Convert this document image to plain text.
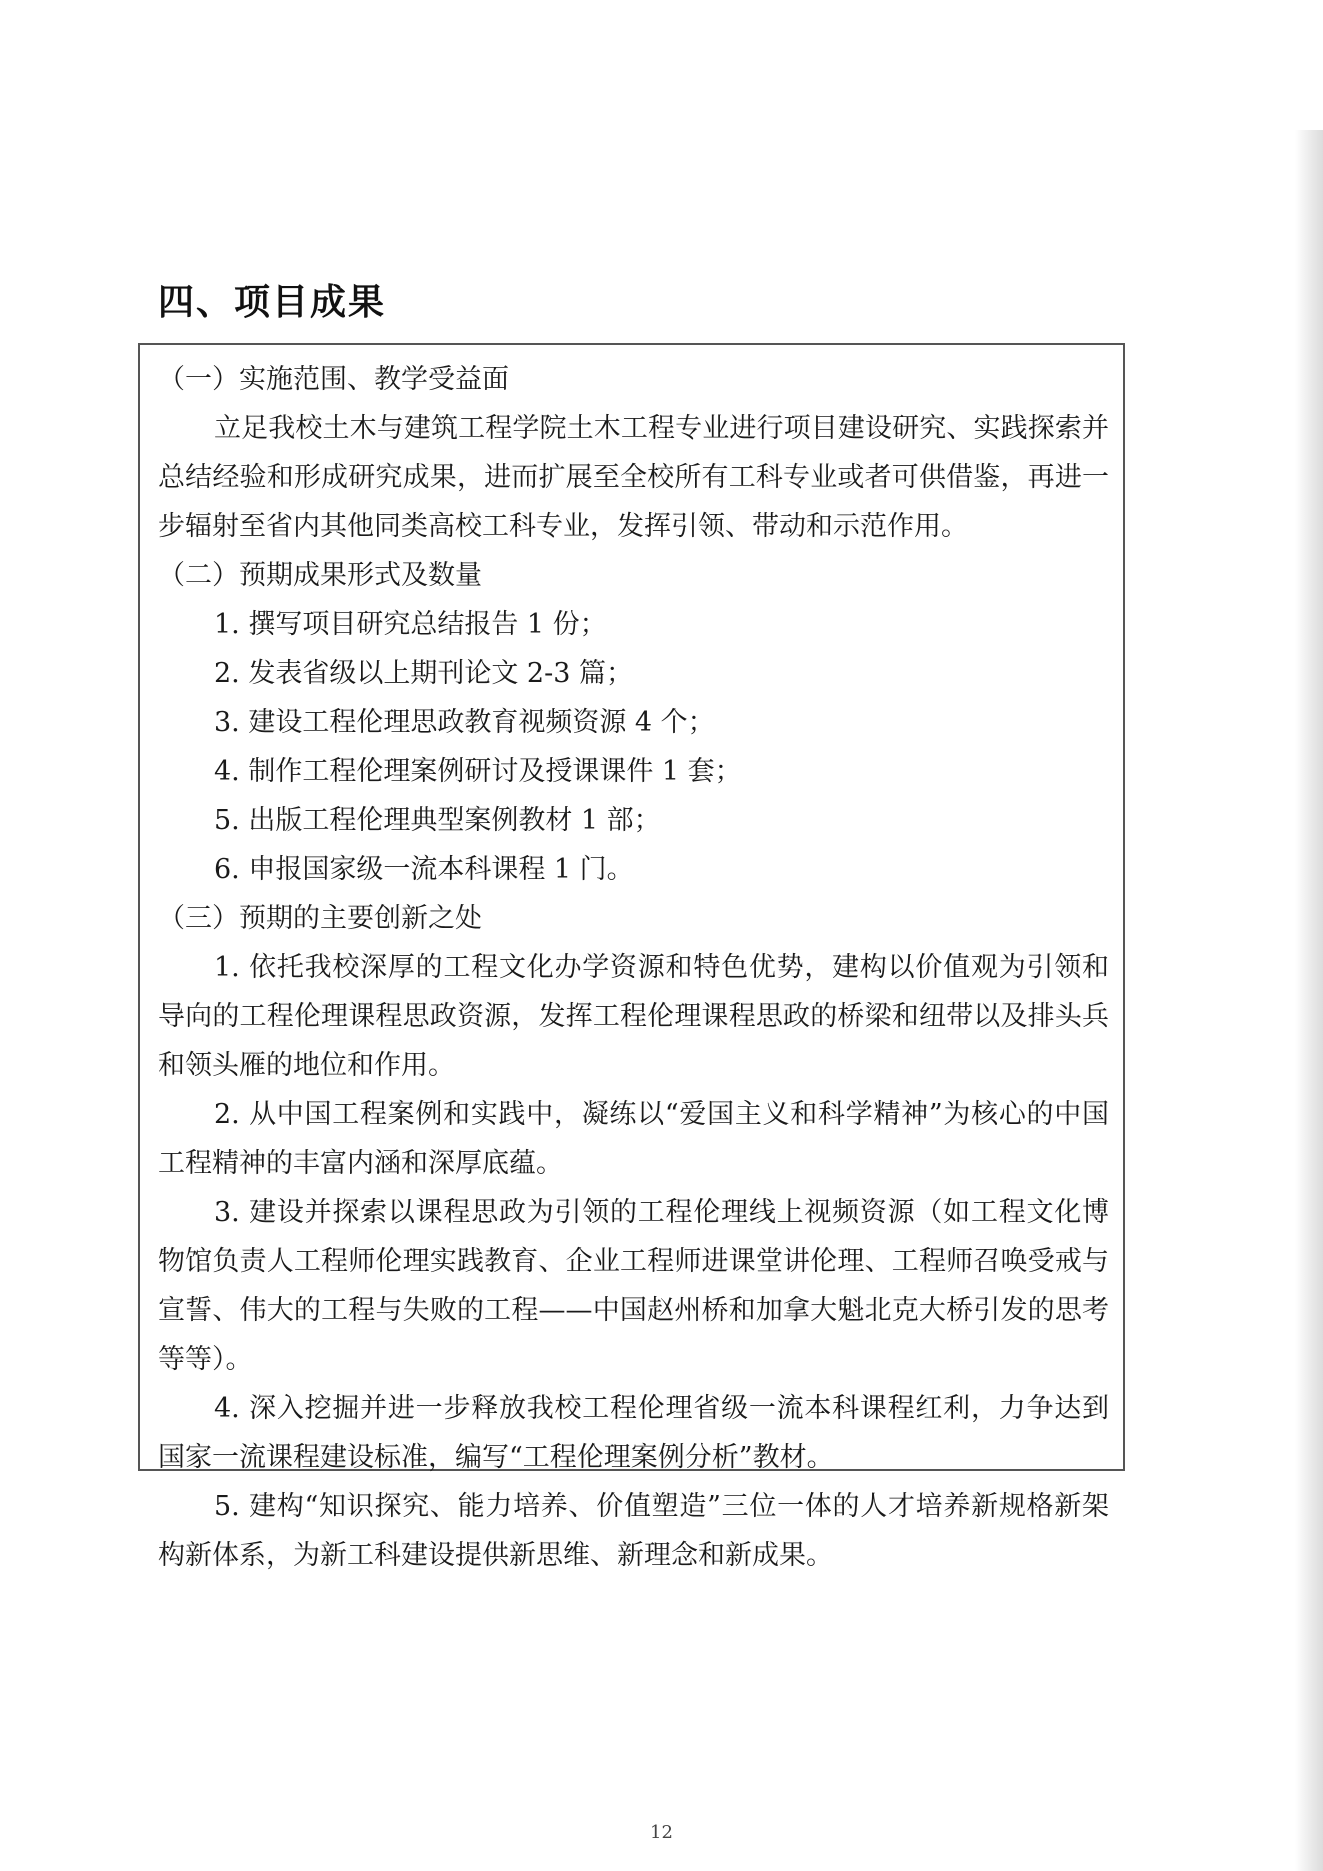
四、项目成果

（一）实施范围、教学受益面

立足我校土木与建筑工程学院土木工程专业进行项目建设研究、实践探索并总结经验和形成研究成果，进而扩展至全校所有工科专业或者可供借鉴，再进一步辐射至省内其他同类高校工科专业，发挥引领、带动和示范作用。

（二）预期成果形式及数量

1. 撰写项目研究总结报告 1 份；

2. 发表省级以上期刊论文 2-3 篇；

3. 建设工程伦理思政教育视频资源 4 个；

4. 制作工程伦理案例研讨及授课课件 1 套；

5. 出版工程伦理典型案例教材 1 部；

6. 申报国家级一流本科课程 1 门。

（三）预期的主要创新之处

1. 依托我校深厚的工程文化办学资源和特色优势，建构以价值观为引领和导向的工程伦理课程思政资源，发挥工程伦理课程思政的桥梁和纽带以及排头兵和领头雁的地位和作用。

2. 从中国工程案例和实践中，凝练以“爱国主义和科学精神”为核心的中国工程精神的丰富内涵和深厚底蕴。

3. 建设并探索以课程思政为引领的工程伦理线上视频资源（如工程文化博物馆负责人工程师伦理实践教育、企业工程师进课堂讲伦理、工程师召唤受戒与宣誓、伟大的工程与失败的工程——中国赵州桥和加拿大魁北克大桥引发的思考等等）。

4. 深入挖掘并进一步释放我校工程伦理省级一流本科课程红利，力争达到国家一流课程建设标准，编写“工程伦理案例分析”教材。

5. 建构“知识探究、能力培养、价值塑造”三位一体的人才培养新规格新架构新体系，为新工科建设提供新思维、新理念和新成果。

12
